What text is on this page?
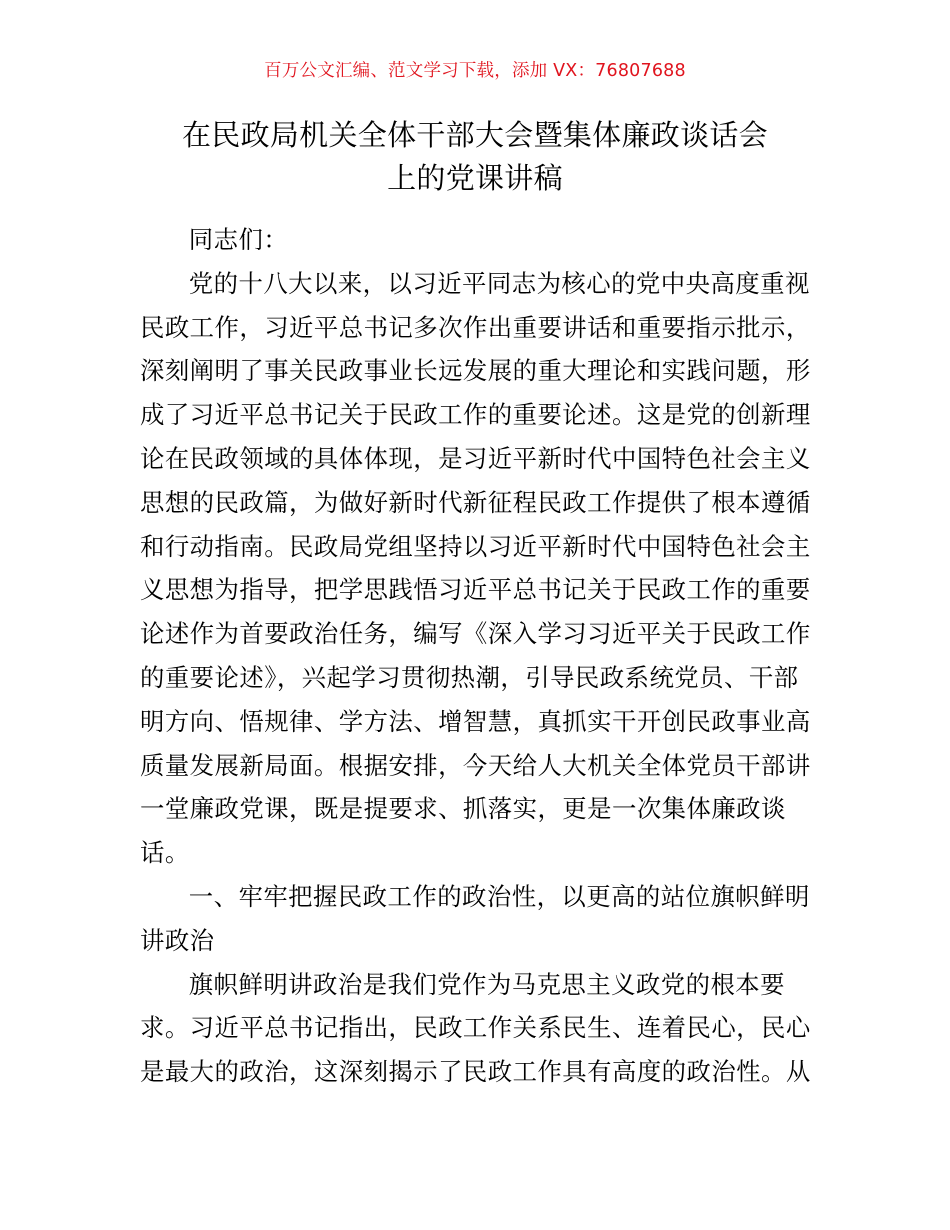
百万公文汇编、范文学习下载，添加 VX：76807688
在民政局机关全体干部大会暨集体廉政谈话会
上的党课讲稿
同志们：
党的十八大以来，以习近平同志为核心的党中央高度重视
民政工作，习近平总书记多次作出重要讲话和重要指示批示，
深刻阐明了事关民政事业长远发展的重大理论和实践问题，形
成了习近平总书记关于民政工作的重要论述。这是党的创新理
论在民政领域的具体体现，是习近平新时代中国特色社会主义
思想的民政篇，为做好新时代新征程民政工作提供了根本遵循
和行动指南。民政局党组坚持以习近平新时代中国特色社会主
义思想为指导，把学思践悟习近平总书记关于民政工作的重要
论述作为首要政治任务，编写《深入学习习近平关于民政工作
的重要论述》，兴起学习贯彻热潮，引导民政系统党员、干部
明方向、悟规律、学方法、增智慧，真抓实干开创民政事业高
质量发展新局面。根据安排，今天给人大机关全体党员干部讲
一堂廉政党课，既是提要求、抓落实，更是一次集体廉政谈
话。
一、牢牢把握民政工作的政治性，以更高的站位旗帜鲜明
讲政治
旗帜鲜明讲政治是我们党作为马克思主义政党的根本要
求。习近平总书记指出，民政工作关系民生、连着民心，民心
是最大的政治，这深刻揭示了民政工作具有高度的政治性。从
